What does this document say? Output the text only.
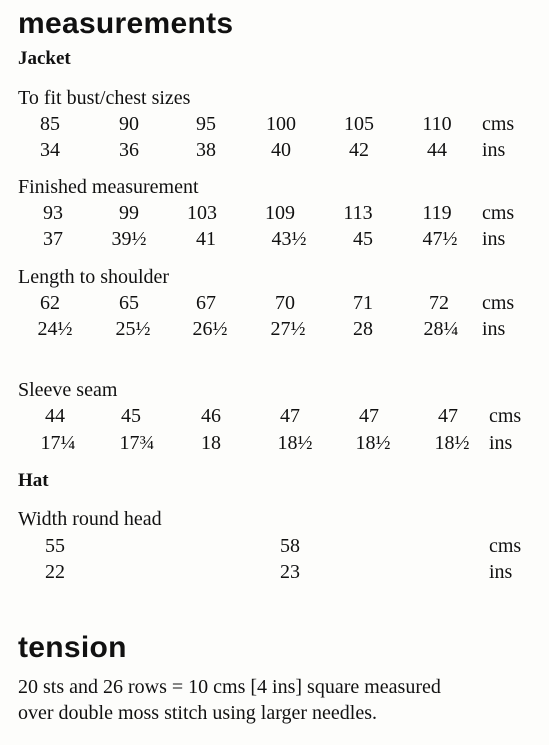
measurements
Jacket
To fit bust/chest sizes
85	90	95	100 105 110 cms
34	36	38	40	42	44 ins
Finished measurement
93	99 103 109 113 119 cms
37 39½ 41	43½ 45 47½ ins
Length to shoulder
62	65	67	70	71	72 cms
24½ 25½ 26½ 27½ 28	28¼ ins
Sleeve seam
44	45	46	47	47	47 cms
17¼ 17¾ 18	18½ 18½ 18½ ins
Hat
Width round head
55	58	cms
22	23	ins
tension
20 sts and 26 rows = 10 cms [4 ins] square measured
over double moss stitch using larger needles.
